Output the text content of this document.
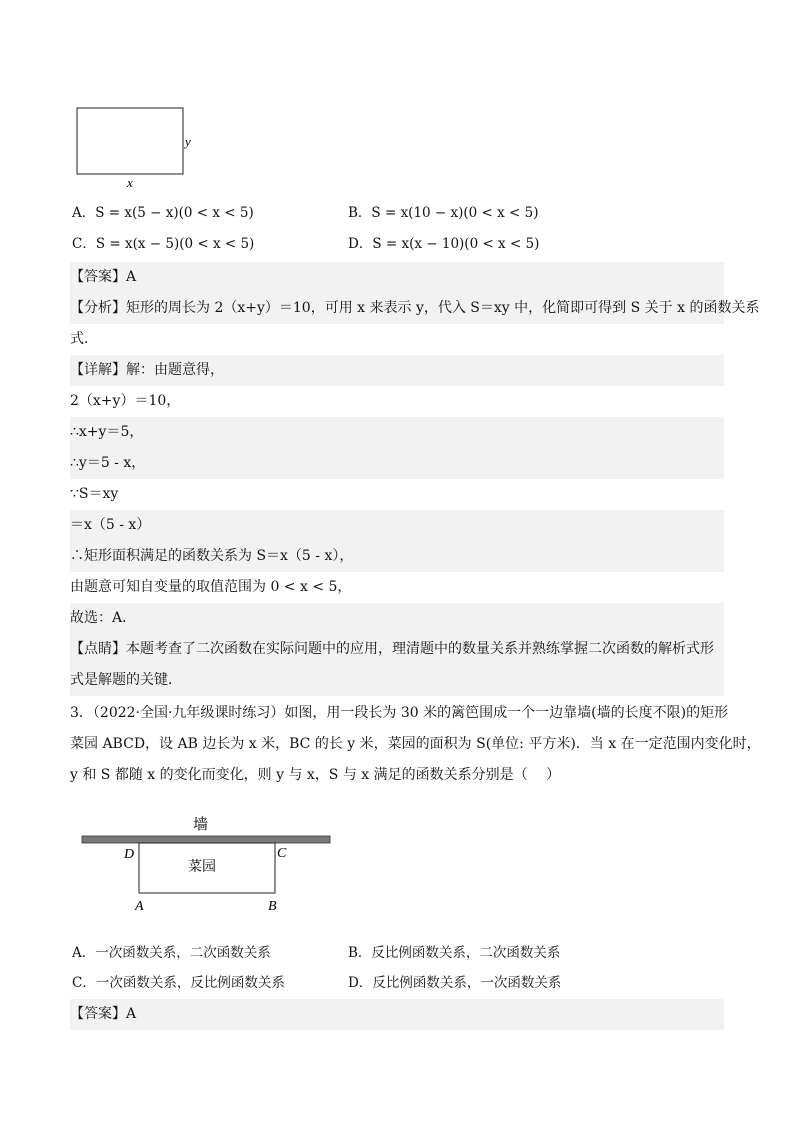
y
x
A．S = x(5 − x)(0 < x < 5)	B．S = x(10 − x)(0 < x < 5)
C．S = x(x − 5)(0 < x < 5)	D．S = x(x − 10)(0 < x < 5)
【答案】A
【分析】矩形的周长为 2（x+y）＝10，可用 x 来表示 y，代入 S＝xy 中，化简即可得到 S 关于 x 的函数关系
式．
【详解】解：由题意得，
2（x+y）＝10，
∴x+y＝5，
∴y＝5 - x，
∵S＝xy
＝x（5 - x）
∴矩形面积满足的函数关系为 S＝x（5 - x），
由题意可知自变量的取值范围为 0 < x < 5，
故选：A．
【点睛】本题考查了二次函数在实际问题中的应用，理清题中的数量关系并熟练掌握二次函数的解析式形
式是解题的关键．
3．（2022·全国·九年级课时练习）如图，用一段长为 30 米的篱笆围成一个一边靠墙(墙的长度不限)的矩形
菜园 ABCD，设 AB 边长为 x 米，BC 的长 y 米，菜园的面积为 S(单位: 平方米)．当 x 在一定范围内变化时，
y 和 S 都随 x 的变化而变化，则 y 与 x，S 与 x 满足的函数关系分别是（　 ）
墙
菜园
D	C
A	B
A．一次函数关系，二次函数关系	B．反比例函数关系，二次函数关系
C．一次函数关系，反比例函数关系	D．反比例函数关系，一次函数关系
【答案】A
